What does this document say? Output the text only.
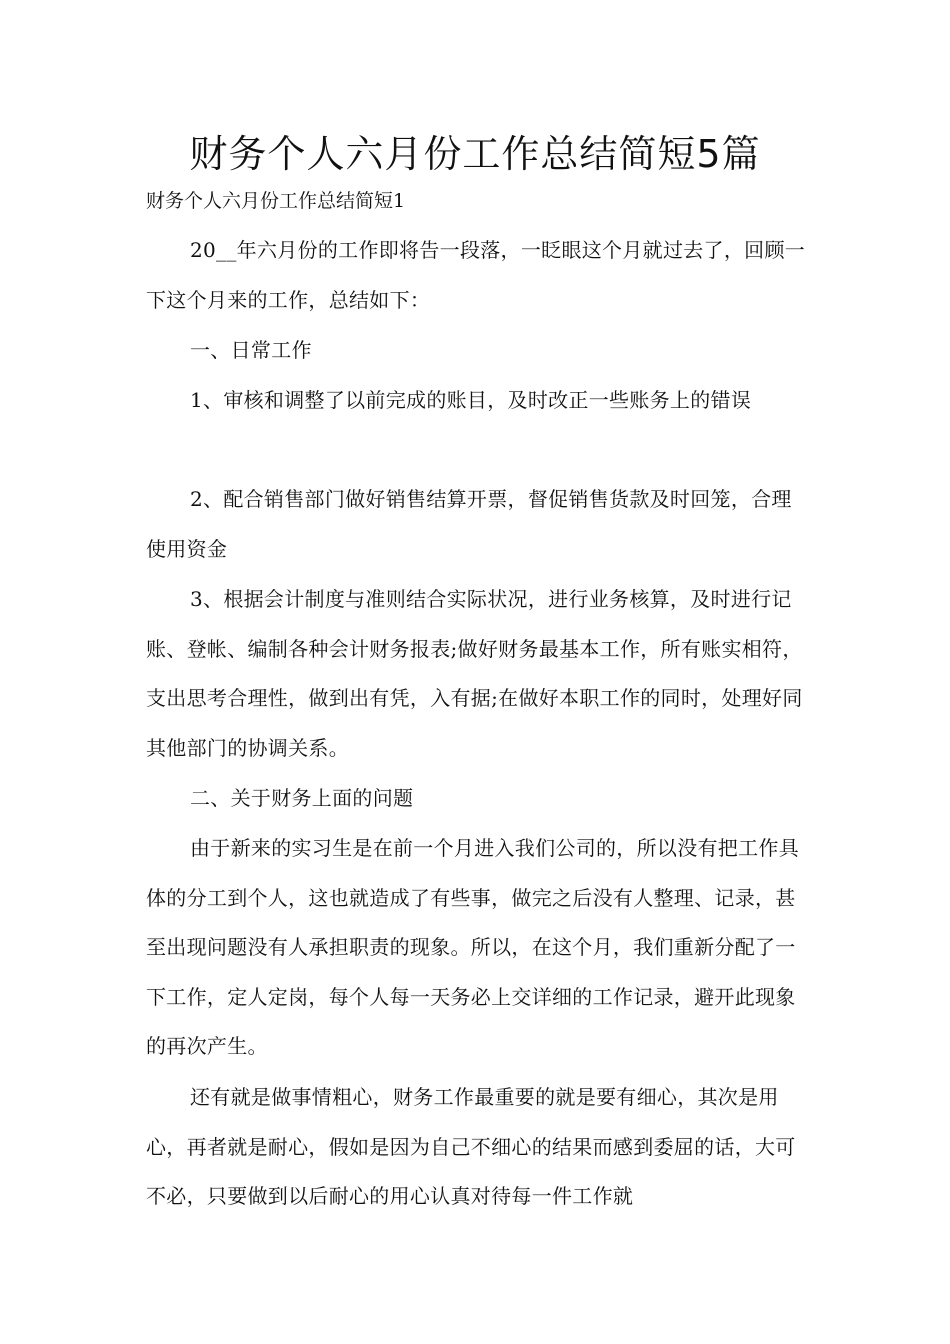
财务个人六月份工作总结简短5篇

财务个人六月份工作总结简短1

20__年六月份的工作即将告一段落，一眨眼这个月就过去了，回顾一下这个月来的工作，总结如下：

一、日常工作

1、审核和调整了以前完成的账目，及时改正一些账务上的错误

2、配合销售部门做好销售结算开票，督促销售货款及时回笼，合理使用资金

3、根据会计制度与准则结合实际状况，进行业务核算，及时进行记账、登帐、编制各种会计财务报表;做好财务最基本工作，所有账实相符，支出思考合理性，做到出有凭，入有据;在做好本职工作的同时，处理好同其他部门的协调关系。

二、关于财务上面的问题

由于新来的实习生是在前一个月进入我们公司的，所以没有把工作具体的分工到个人，这也就造成了有些事，做完之后没有人整理、记录，甚至出现问题没有人承担职责的现象。所以，在这个月，我们重新分配了一下工作，定人定岗，每个人每一天务必上交详细的工作记录，避开此现象的再次产生。

还有就是做事情粗心，财务工作最重要的就是要有细心，其次是用心，再者就是耐心，假如是因为自己不细心的结果而感到委屈的话，大可不必，只要做到以后耐心的用心认真对待每一件工作就
